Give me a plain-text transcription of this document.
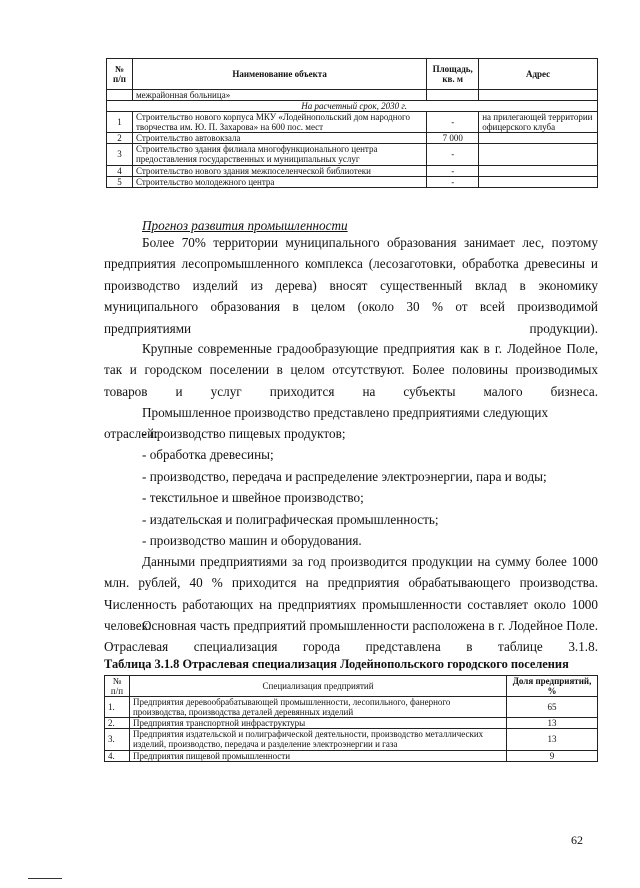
№ п/п	Наименование объекта	Площадь, кв. м	Адрес
	межрайонная больница»		
На расчетный срок, 2030 г.			
1	Строительство нового корпуса МКУ «Лодейнопольский дом народного творчества им. Ю. П. Захарова» на 600 пос. мест	-	на прилегающей территории офицерского клуба
2	Строительство автовокзала	7 000	
3	Строительство здания филиала многофункционального центра предоставления государственных и муниципальных услуг	-	
4	Строительство нового здания межпоселенческой библиотеки	-	
5	Строительство молодежного центра	-	
Прогноз развития промышленности
Более 70% территории муниципального образования занимает лес, поэтому предприятия лесопромышленного комплекса (лесозаготовки, обработка древесины и производство изделий из дерева) вносят существенный вклад в экономику муниципального образования в целом (около 30 % от всей производимой предприятиями продукции).
Крупные современные градообразующие предприятия как в г. Лодейное Поле, так и городском поселении в целом отсутствуют. Более половины производимых товаров и услуг приходится на субъекты малого бизнеса.
Промышленное производство представлено предприятиями следующих отраслей:
- производство пищевых продуктов;
- обработка древесины;
- производство, передача и распределение электроэнергии, пара и воды;
- текстильное и швейное производство;
- издательская и полиграфическая промышленность;
- производство машин и оборудования.
Данными предприятиями за год производится продукции на сумму более 1000 млн. рублей, 40 % приходится на предприятия обрабатывающего производства. Численность работающих на предприятиях промышленности составляет около 1000 человек.
Основная часть предприятий промышленности расположена в г. Лодейное Поле. Отраслевая специализация города представлена в таблице 3.1.8.
Таблица 3.1.8 Отраслевая специализация Лодейнопольского городского поселения
№ п/п	Специализация предприятий	Доля предприятий, %
1.	Предприятия деревообрабатывающей промышленности, лесопильного, фанерного производства, производства деталей деревянных изделий	65
2.	Предприятия транспортной инфраструктуры	13
3.	Предприятия издательской и полиграфической деятельности, производство металлических изделий, производство, передача и разделение электроэнергии и газа	13
4.	Предприятия пищевой промышленности	9
62
